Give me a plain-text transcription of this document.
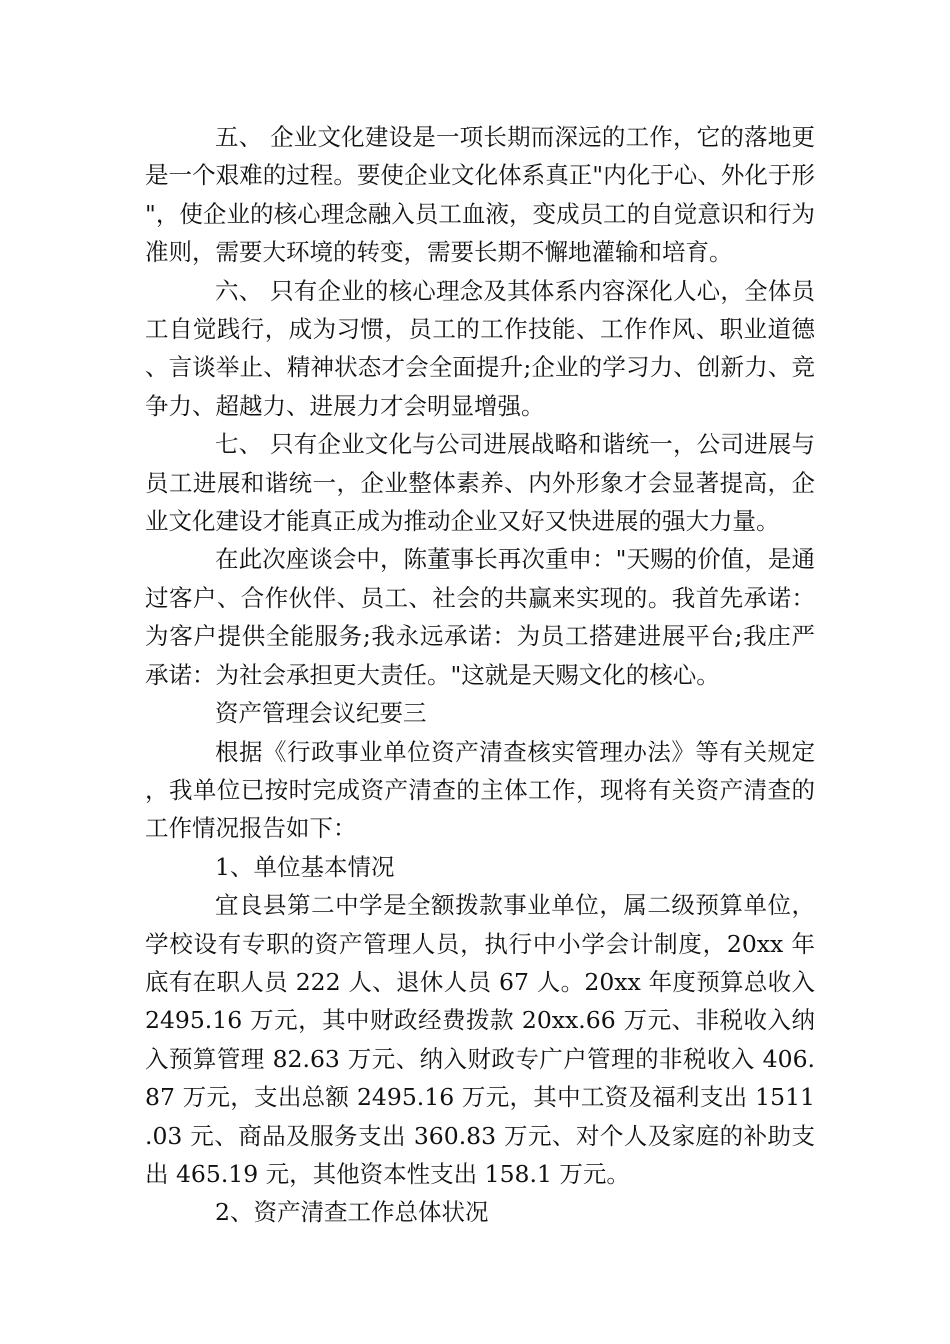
五、 企业文化建设是一项长期而深远的工作，它的落地更是一个艰难的过程。要使企业文化体系真正"内化于心、外化于形"，使企业的核心理念融入员工血液，变成员工的自觉意识和行为准则，需要大环境的转变，需要长期不懈地灌输和培育。

六、 只有企业的核心理念及其体系内容深化人心，全体员工自觉践行，成为习惯，员工的工作技能、工作作风、职业道德、言谈举止、精神状态才会全面提升;企业的学习力、创新力、竞争力、超越力、进展力才会明显增强。

七、 只有企业文化与公司进展战略和谐统一，公司进展与员工进展和谐统一，企业整体素养、内外形象才会显著提高，企业文化建设才能真正成为推动企业又好又快进展的强大力量。

在此次座谈会中，陈董事长再次重申："天赐的价值，是通过客户、合作伙伴、员工、社会的共赢来实现的。我首先承诺：为客户提供全能服务;我永远承诺：为员工搭建进展平台;我庄严承诺：为社会承担更大责任。"这就是天赐文化的核心。

资产管理会议纪要三

根据《行政事业单位资产清查核实管理办法》等有关规定，我单位已按时完成资产清查的主体工作，现将有关资产清查的工作情况报告如下：

1、单位基本情况

宜良县第二中学是全额拨款事业单位，属二级预算单位，学校设有专职的资产管理人员，执行中小学会计制度，20xx 年底有在职人员 222 人、退休人员 67 人。20xx 年度预算总收入 2495.16 万元，其中财政经费拨款 20xx.66 万元、非税收入纳入预算管理 82.63 万元、纳入财政专广户管理的非税收入 406.87 万元，支出总额 2495.16 万元，其中工资及福利支出 1511.03 元、商品及服务支出 360.83 万元、对个人及家庭的补助支出 465.19 元，其他资本性支出 158.1 万元。

2、资产清查工作总体状况
